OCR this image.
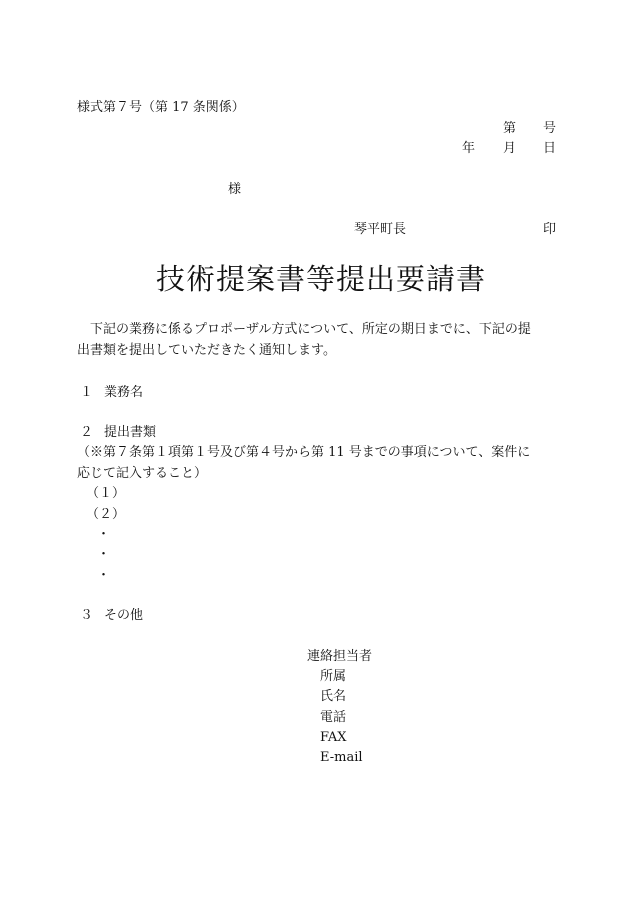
様式第７号（第 17 条関係）
第 号
年 月 日
様
琴平町長	印
技術提案書等提出要請書
下記の業務に係るプロポーザル方式について、所定の期日までに、下記の提
出書類を提出していただきたく通知します。
１ 業務名
２ 提出書類
（※第７条第１項第１号及び第４号から第 11 号までの事項について、案件に
応じて記入すること）
（１）
（２）
・
・
・
３ その他
連絡担当者
所属
氏名
電話
FAX
E-mail
